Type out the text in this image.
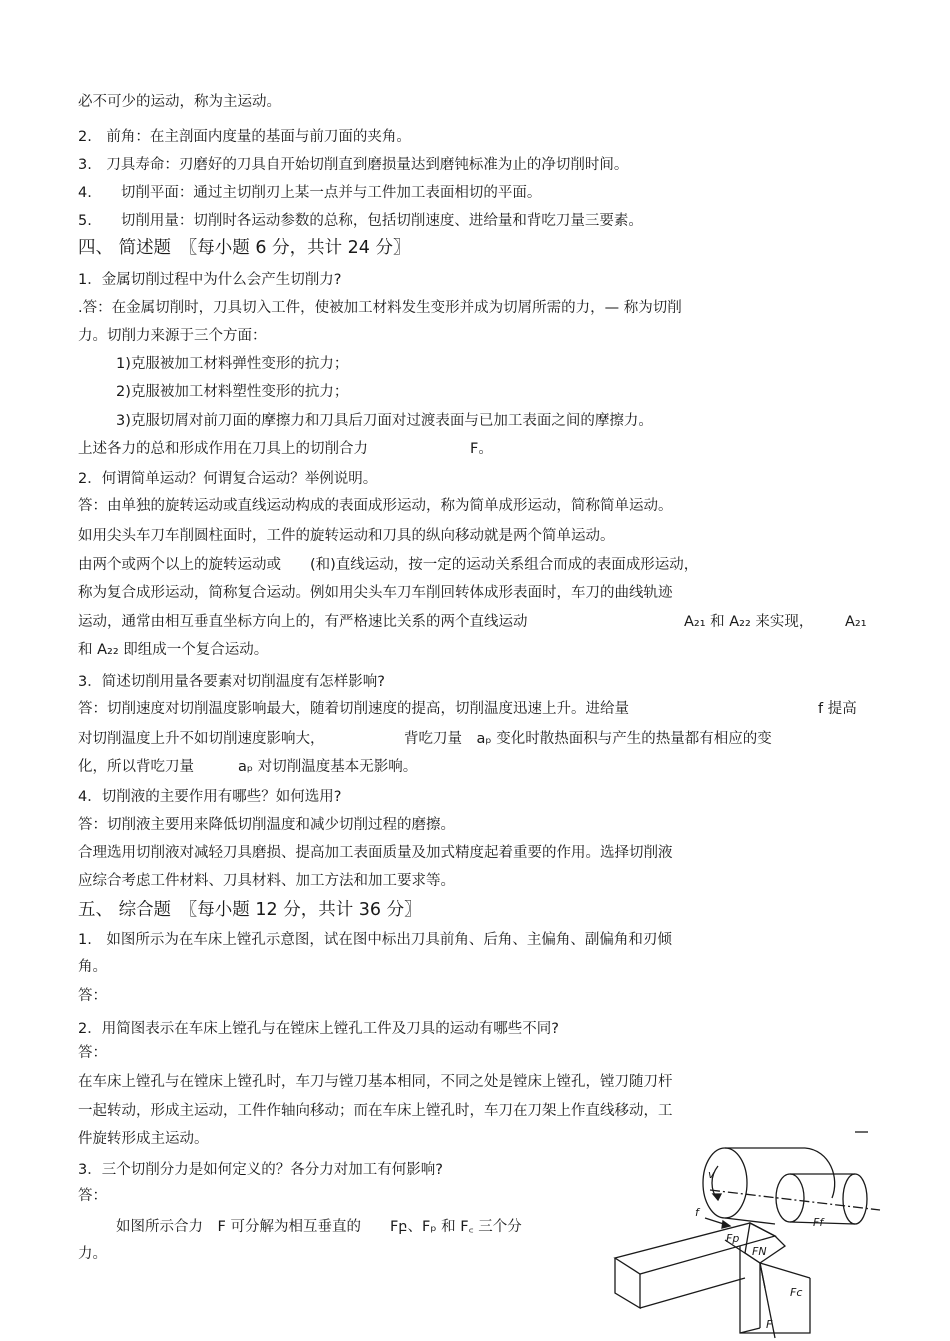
必不可少的运动，称为主运动。
2.　前角：在主剖面内度量的基面与前刀面的夹角。
3.　刀具寿命：刃磨好的刀具自开始切削直到磨损量达到磨钝标准为止的净切削时间。
4.　　切削平面：通过主切削刃上某一点并与工件加工表面相切的平面。
5.　　切削用量：切削时各运动参数的总称，包括切削速度、进给量和背吃刀量三要素。
四、 简述题　〖每小题 6 分，共计 24 分〗
1．金属切削过程中为什么会产生切削力?
.答：在金属切削时，刀具切入工件，使被加工材料发生变形并成为切屑所需的力，— 称为切削
力。切削力来源于三个方面：
1)克服被加工材料弹性变形的抗力；
2)克服被加工材料塑性变形的抗力；
3)克服切屑对前刀面的摩擦力和刀具后刀面对过渡表面与已加工表面之间的摩擦力。
上述各力的总和形成作用在刀具上的切削合力	F。
2．何谓简单运动？何谓复合运动？举例说明。
答：由单独的旋转运动或直线运动构成的表面成形运动，称为简单成形运动，简称简单运动。
如用尖头车刀车削圆柱面时，工件的旋转运动和刀具的纵向移动就是两个简单运动。
由两个或两个以上的旋转运动或　　(和)直线运动，按一定的运动关系组合而成的表面成形运动，
称为复合成形运动，简称复合运动。例如用尖头车刀车削回转体成形表面时，车刀的曲线轨迹
运动，通常由相互垂直坐标方向上的，有严格速比关系的两个直线运动	A₂₁ 和 A₂₂ 来实现， A₂₁
和 A₂₂ 即组成一个复合运动。
3．简述切削用量各要素对切削温度有怎样影响?
答：切削速度对切削温度影响最大，随着切削速度的提高，切削温度迅速上升。进给量	f 提高
对切削温度上升不如切削速度影响大，	背吃刀量　aₚ 变化时散热面积与产生的热量都有相应的变
化，所以背吃刀量	aₚ 对切削温度基本无影响。
4．切削液的主要作用有哪些？如何选用?
答：切削液主要用来降低切削温度和减少切削过程的磨擦。
合理选用切削液对减轻刀具磨损、提高加工表面质量及加式精度起着重要的作用。选择切削液
应综合考虑工件材料、刀具材料、加工方法和加工要求等。
五、 综合题　〖每小题 12 分，共计 36 分〗
1.　如图所示为在车床上镗孔示意图，试在图中标出刀具前角、后角、主偏角、副偏角和刃倾
角。
答：
2．用简图表示在车床上镗孔与在镗床上镗孔工件及刀具的运动有哪些不同?
答：
在车床上镗孔与在镗床上镗孔时，车刀与镗刀基本相同，不同之处是镗床上镗孔，镗刀随刀杆
一起转动，形成主运动，工件作轴向移动；而在车床上镗孔时，车刀在刀架上作直线移动，工
件旋转形成主运动。
3．三个切削分力是如何定义的？各分力对加工有何影响?
答：
如图所示合力　F 可分解为相互垂直的　　Fբ、Fₚ 和 F꜀ 三个分
力。
v
f
Ff
Fp
FN
Fc
F
